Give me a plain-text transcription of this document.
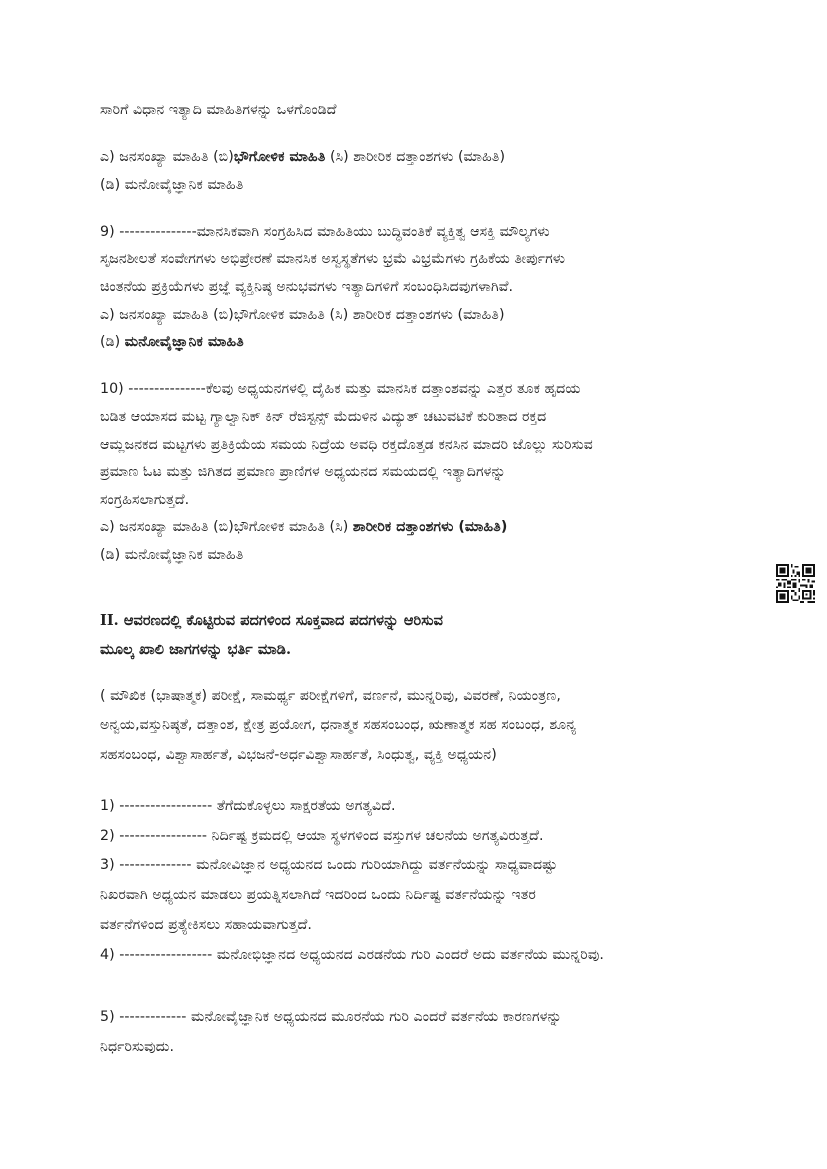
ಸಾರಿಗೆ ವಿಧಾನ ಇತ್ಯಾದಿ ಮಾಹಿತಿಗಳನ್ನು ಒಳಗೊಂಡಿದೆ
ಎ) ಜನಸಂಖ್ಯಾ ಮಾಹಿತಿ (ಬಿ)ಭೌಗೋಳಿಕ ಮಾಹಿತಿ (ಸಿ) ಶಾರೀರಿಕ ದತ್ತಾಂಶಗಳು (ಮಾಹಿತಿ)
(ಡಿ) ಮನೋವೈಜ್ಞಾನಿಕ ಮಾಹಿತಿ
9) ---------------ಮಾನಸಿಕವಾಗಿ ಸಂಗ್ರಹಿಸಿದ ಮಾಹಿತಿಯು ಬುದ್ಧಿವಂತಿಕೆ ವ್ಯಕ್ತಿತ್ವ ಆಸಕ್ತಿ ಮೌಲ್ಯಗಳು
ಸೃಜನಶೀಲತೆ ಸಂವೇಗಗಳು ಅಭಿಪ್ರೇರಣೆ ಮಾನಸಿಕ ಅಸ್ವಸ್ಥತೆಗಳು ಭ್ರಮೆ ವಿಭ್ರಮೆಗಳು ಗ್ರಹಿಕೆಯ ತೀರ್ಪುಗಳು
ಚಿಂತನೆಯ ಪ್ರಕ್ರಿಯೆಗಳು ಪ್ರಜ್ಞೆ ವ್ಯಕ್ತಿನಿಷ್ಠ ಅನುಭವಗಳು ಇತ್ಯಾದಿಗಳಿಗೆ ಸಂಬಂಧಿಸಿದವುಗಳಾಗಿವೆ.
ಎ) ಜನಸಂಖ್ಯಾ ಮಾಹಿತಿ (ಬಿ)ಭೌಗೋಳಿಕ ಮಾಹಿತಿ (ಸಿ) ಶಾರೀರಿಕ ದತ್ತಾಂಶಗಳು (ಮಾಹಿತಿ)
(ಡಿ) ಮನೋವೈಜ್ಞಾನಿಕ ಮಾಹಿತಿ
10) ---------------ಕೆಲವು ಅಧ್ಯಯನಗಳಲ್ಲಿ ದೈಹಿಕ ಮತ್ತು ಮಾನಸಿಕ ದತ್ತಾಂಶವನ್ನು ಎತ್ತರ ತೂಕ ಹೃದಯ
ಬಡಿತ ಆಯಾಸದ ಮಟ್ಟ ಗ್ಯಾಲ್ವಾನಿಕ್ ಕಿನ್ ರೆಜಿಸ್ಟನ್ಸ್ ಮೆದುಳಿನ ವಿದ್ಯುತ್ ಚಟುವಟಿಕೆ ಕುರಿತಾದ ರಕ್ತದ
ಆಮ್ಲಜನಕದ ಮಟ್ಟಗಳು ಪ್ರತಿಕ್ರಿಯೆಯ ಸಮಯ ನಿದ್ರೆಯ ಅವಧಿ ರಕ್ತದೊತ್ತಡ ಕನಸಿನ ಮಾದರಿ ಜೊಲ್ಲು ಸುರಿಸುವ
ಪ್ರಮಾಣ ಓಟ ಮತ್ತು ಜಿಗಿತದ ಪ್ರಮಾಣ ಪ್ರಾಣಿಗಳ ಅಧ್ಯಯನದ ಸಮಯದಲ್ಲಿ ಇತ್ಯಾದಿಗಳನ್ನು
ಸಂಗ್ರಹಿಸಲಾಗುತ್ತದೆ.
ಎ) ಜನಸಂಖ್ಯಾ ಮಾಹಿತಿ (ಬಿ)ಭೌಗೋಳಿಕ ಮಾಹಿತಿ (ಸಿ) ಶಾರೀರಿಕ ದತ್ತಾಂಶಗಳು (ಮಾಹಿತಿ)
(ಡಿ) ಮನೋವೈಜ್ಞಾನಿಕ ಮಾಹಿತಿ
II. ಆವರಣದಲ್ಲಿ ಕೊಟ್ಟಿರುವ ಪದಗಳಿಂದ ಸೂಕ್ತವಾದ ಪದಗಳನ್ನು ಆರಿಸುವ
ಮೂಲ್ಕ ಖಾಲಿ ಜಾಗಗಳನ್ನು ಭರ್ತಿ ಮಾಡಿ.
( ಮೌಖಿಕ (ಭಾಷಾತ್ಮಕ) ಪರೀಕ್ಷೆ, ಸಾಮರ್ಥ್ಯ ಪರೀಕ್ಷೆಗಳಿಗೆ, ವರ್ಣನೆ, ಮುನ್ನರಿವು, ವಿವರಣೆ, ನಿಯಂತ್ರಣ,
ಅನ್ವಯ,ವಸ್ತುನಿಷ್ಠತೆ, ದತ್ತಾಂಶ, ಕ್ಷೇತ್ರ ಪ್ರಯೋಗ, ಧನಾತ್ಮಕ ಸಹಸಂಬಂಧ, ಋಣಾತ್ಮಕ ಸಹ ಸಂಬಂಧ, ಶೂನ್ಯ
ಸಹಸಂಬಂಧ, ವಿಶ್ವಾಸಾರ್ಹತೆ, ವಿಭಜನೆ-ಅರ್ಧವಿಶ್ವಾಸಾರ್ಹತೆ, ಸಿಂಧುತ್ವ, ವ್ಯಕ್ತಿ ಅಧ್ಯಯನ)
1) ------------------ ತೆಗೆದುಕೊಳ್ಳಲು ಸಾಕ್ಷರತೆಯ ಅಗತ್ಯವಿದೆ.
2) ----------------- ನಿರ್ದಿಷ್ಟ ಕ್ರಮದಲ್ಲಿ ಆಯಾ ಸ್ಥಳಗಳಿಂದ ವಸ್ತುಗಳ ಚಲನೆಯ ಅಗತ್ಯವಿರುತ್ತದೆ.
3) -------------- ಮನೋವಿಜ್ಞಾನ ಅಧ್ಯಯನದ ಒಂದು ಗುರಿಯಾಗಿದ್ದು ವರ್ತನೆಯನ್ನು ಸಾಧ್ಯವಾದಷ್ಟು
ನಿಖರವಾಗಿ ಅಧ್ಯಯನ ಮಾಡಲು ಪ್ರಯತ್ನಿಸಲಾಗಿದೆ ಇದರಿಂದ ಒಂದು ನಿರ್ದಿಷ್ಟ ವರ್ತನೆಯನ್ನು ಇತರ
ವರ್ತನೆಗಳಿಂದ ಪ್ರತ್ಯೇಕಿಸಲು ಸಹಾಯವಾಗುತ್ತದೆ.
4) ------------------ ಮನೋಭಿಜ್ಞಾನದ ಅಧ್ಯಯನದ ಎರಡನೆಯ ಗುರಿ ಎಂದರೆ ಅದು ವರ್ತನೆಯ ಮುನ್ನರಿವು.
5) ------------- ಮನೋವೈಜ್ಞಾನಿಕ ಅಧ್ಯಯನದ ಮೂರನೆಯ ಗುರಿ ಎಂದರೆ ವರ್ತನೆಯ ಕಾರಣಗಳನ್ನು
ನಿರ್ಧರಿಸುವುದು.
